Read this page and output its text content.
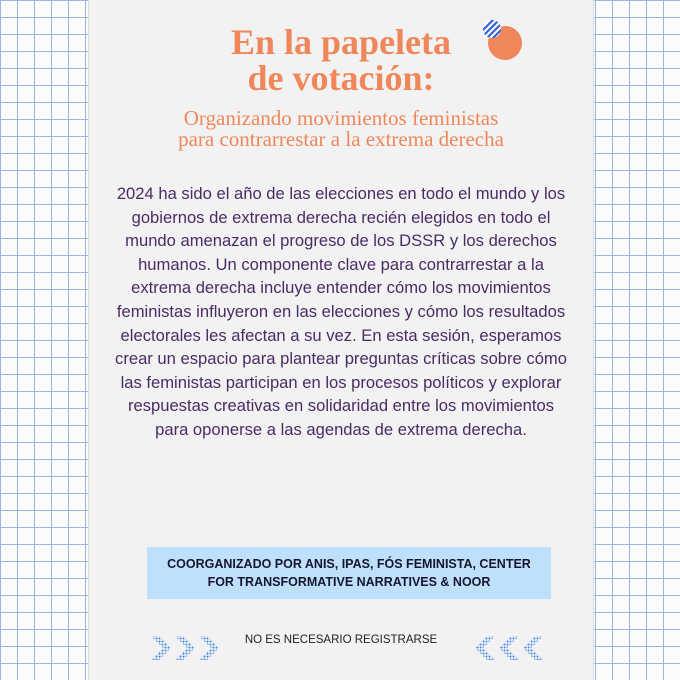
En la papeleta
de votación:
Organizando movimientos feministas
para contrarrestar a la extrema derecha

2024 ha sido el año de las elecciones en todo el mundo y los gobiernos de extrema derecha recién elegidos en todo el mundo amenazan el progreso de los DSSR y los derechos humanos. Un componente clave para contrarrestar a la extrema derecha incluye entender cómo los movimientos feministas influyeron en las elecciones y cómo los resultados electorales les afectan a su vez. En esta sesión, esperamos crear un espacio para plantear preguntas críticas sobre cómo las feministas participan en los procesos políticos y explorar respuestas creativas en solidaridad entre los movimientos para oponerse a las agendas de extrema derecha.

COORGANIZADO POR ANIS, IPAS, FÓS FEMINISTA, CENTER
FOR TRANSFORMATIVE NARRATIVES & NOOR
NO ES NECESARIO REGISTRARSE
